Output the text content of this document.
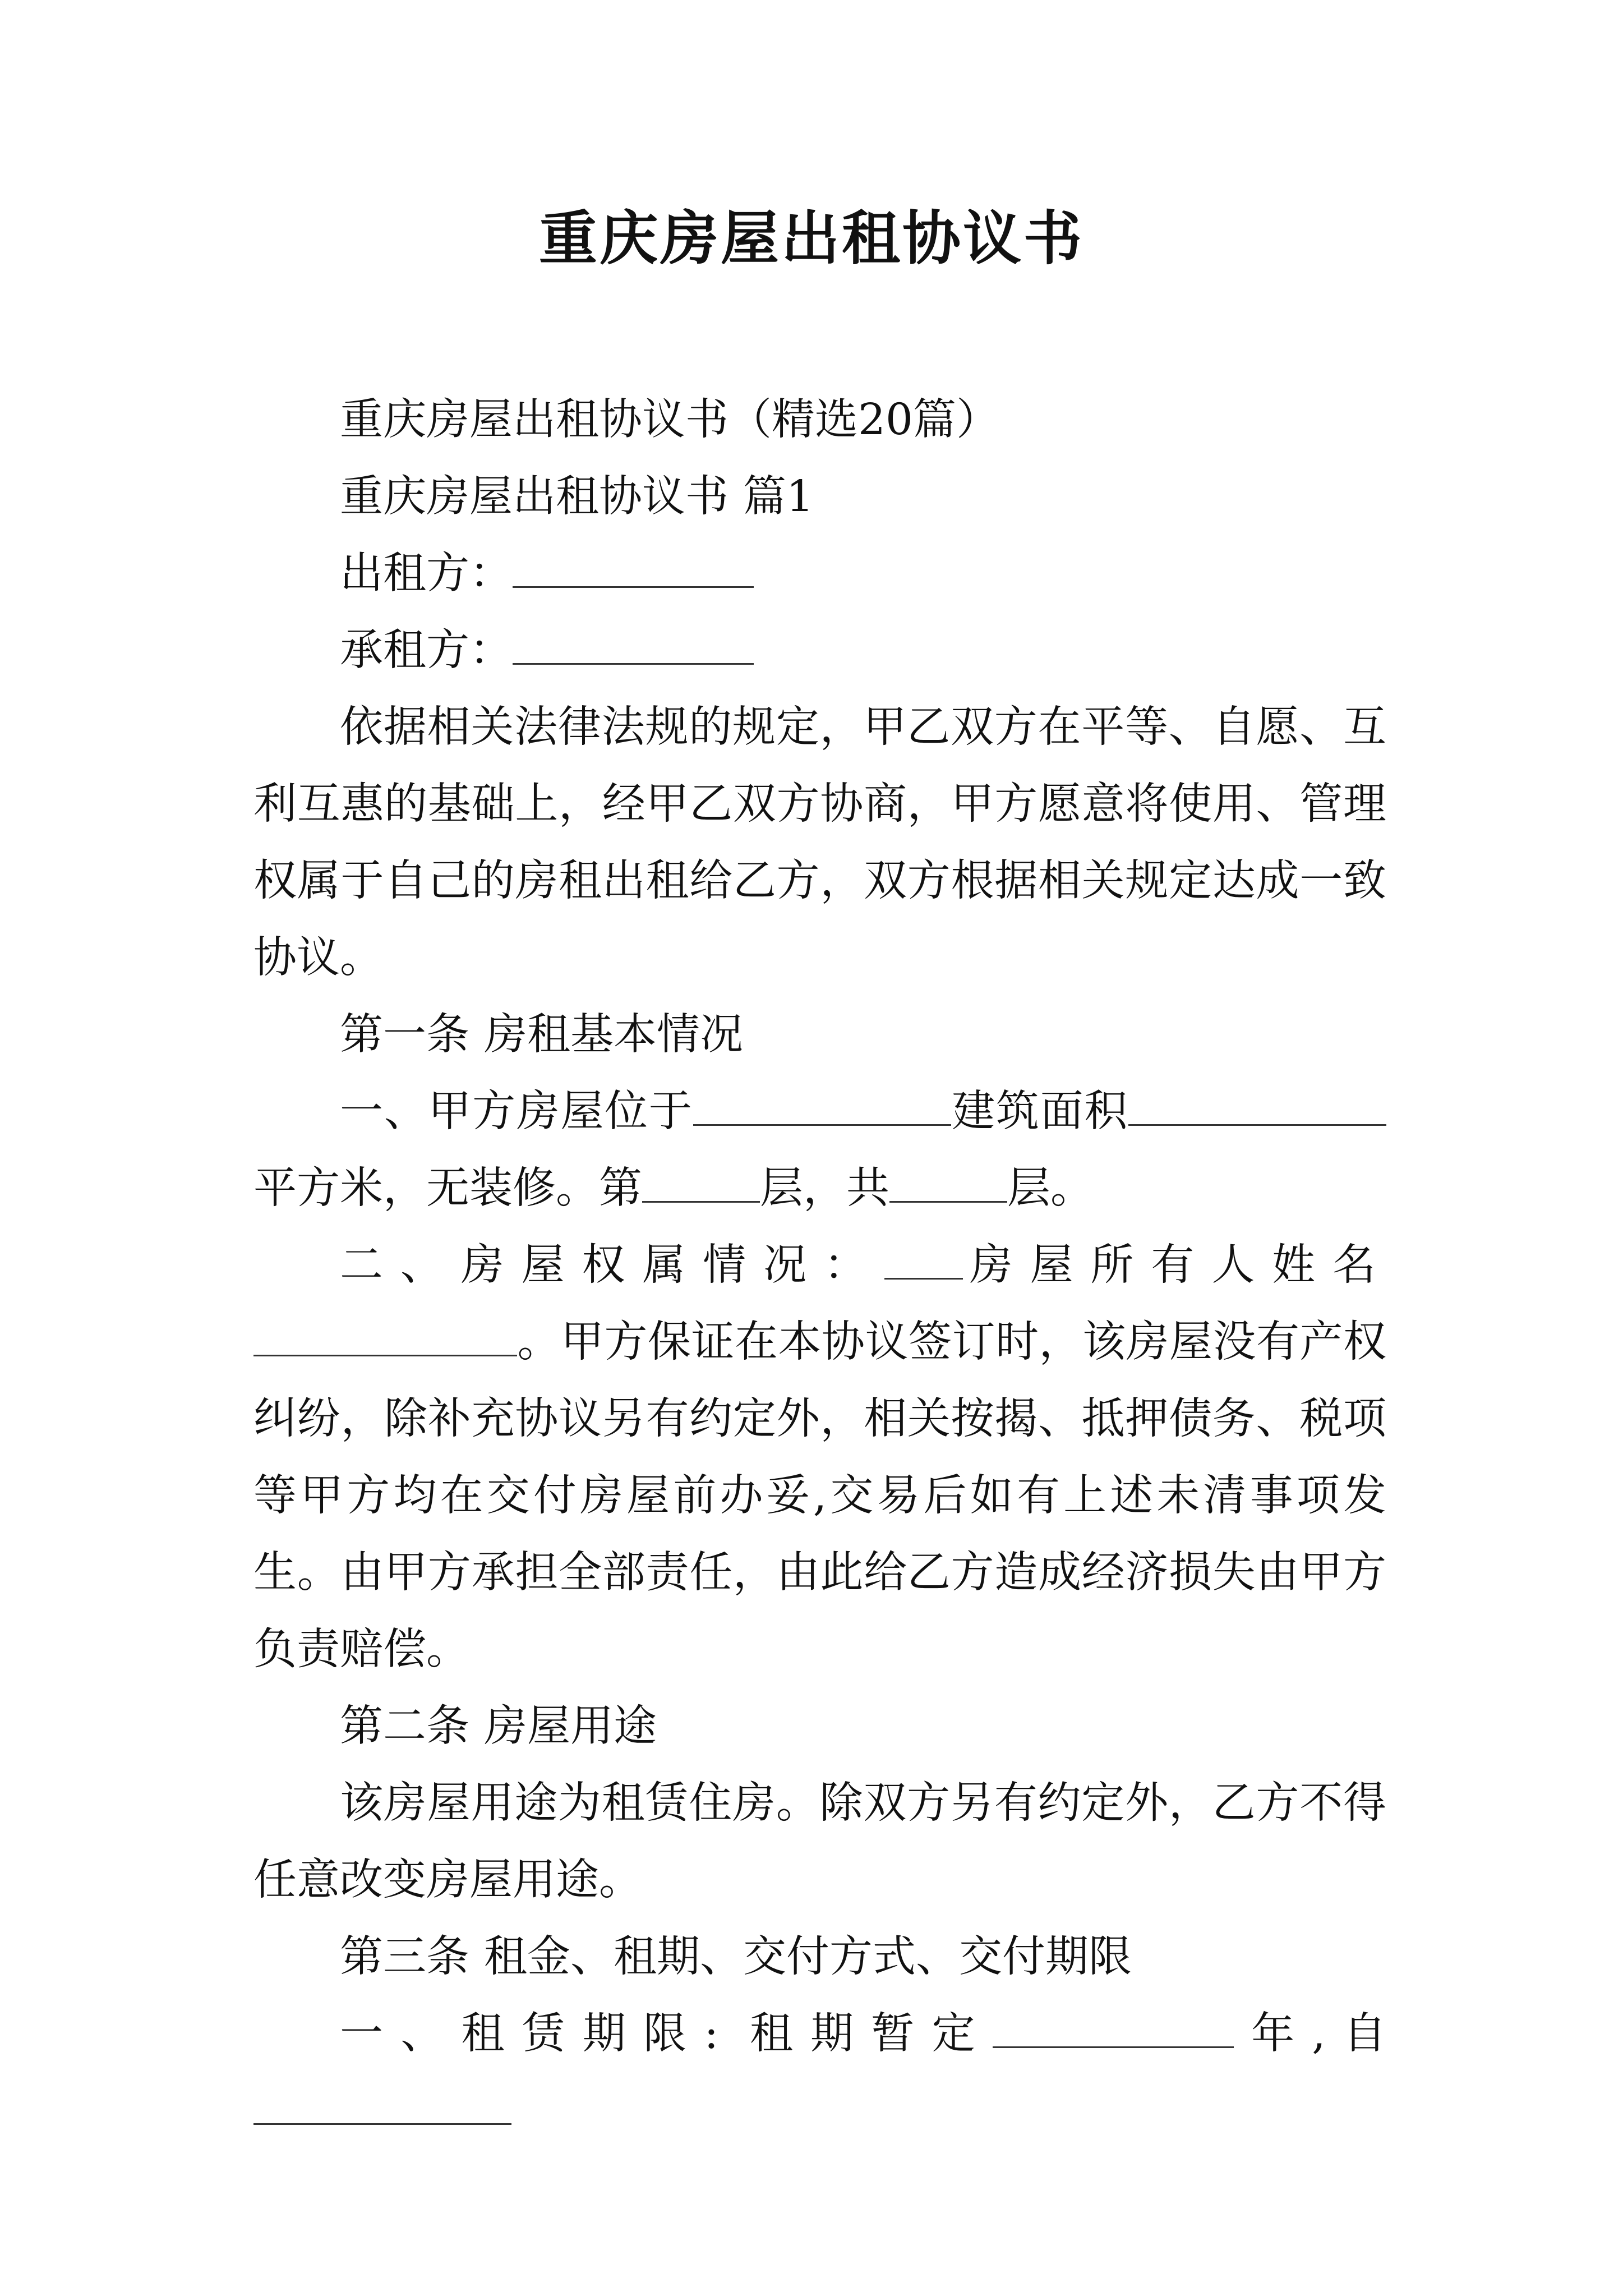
重庆房屋出租协议书

重庆房屋出租协议书（精选20篇）

重庆房屋出租协议书 篇1

出租方：

承租方：

依据相关法律法规的规定，甲乙双方在平等、自愿、互利互惠的基础上，经甲乙双方协商，甲方愿意将使用、管理权属于自己的房租出租给乙方，双方根据相关规定达成一致协议。

第一条 房租基本情况

一、甲方房屋位于	建筑面积平方米，无装修。第	层，共	层。

二、房屋权属情况： 房屋所有人姓名。甲方保证在本协议签订时，该房屋没有产权纠纷，除补充协议另有约定外，相关按揭、抵押债务、税项等甲方均在交付房屋前办妥,交易后如有上述未清事项发生。由甲方承担全部责任，由此给乙方造成经济损失由甲方负责赔偿。

第二条 房屋用途

该房屋用途为租赁住房。除双方另有约定外，乙方不得任意改变房屋用途。

第三条 租金、租期、交付方式、交付期限

一、租赁期限: 租期暂定	年,自
